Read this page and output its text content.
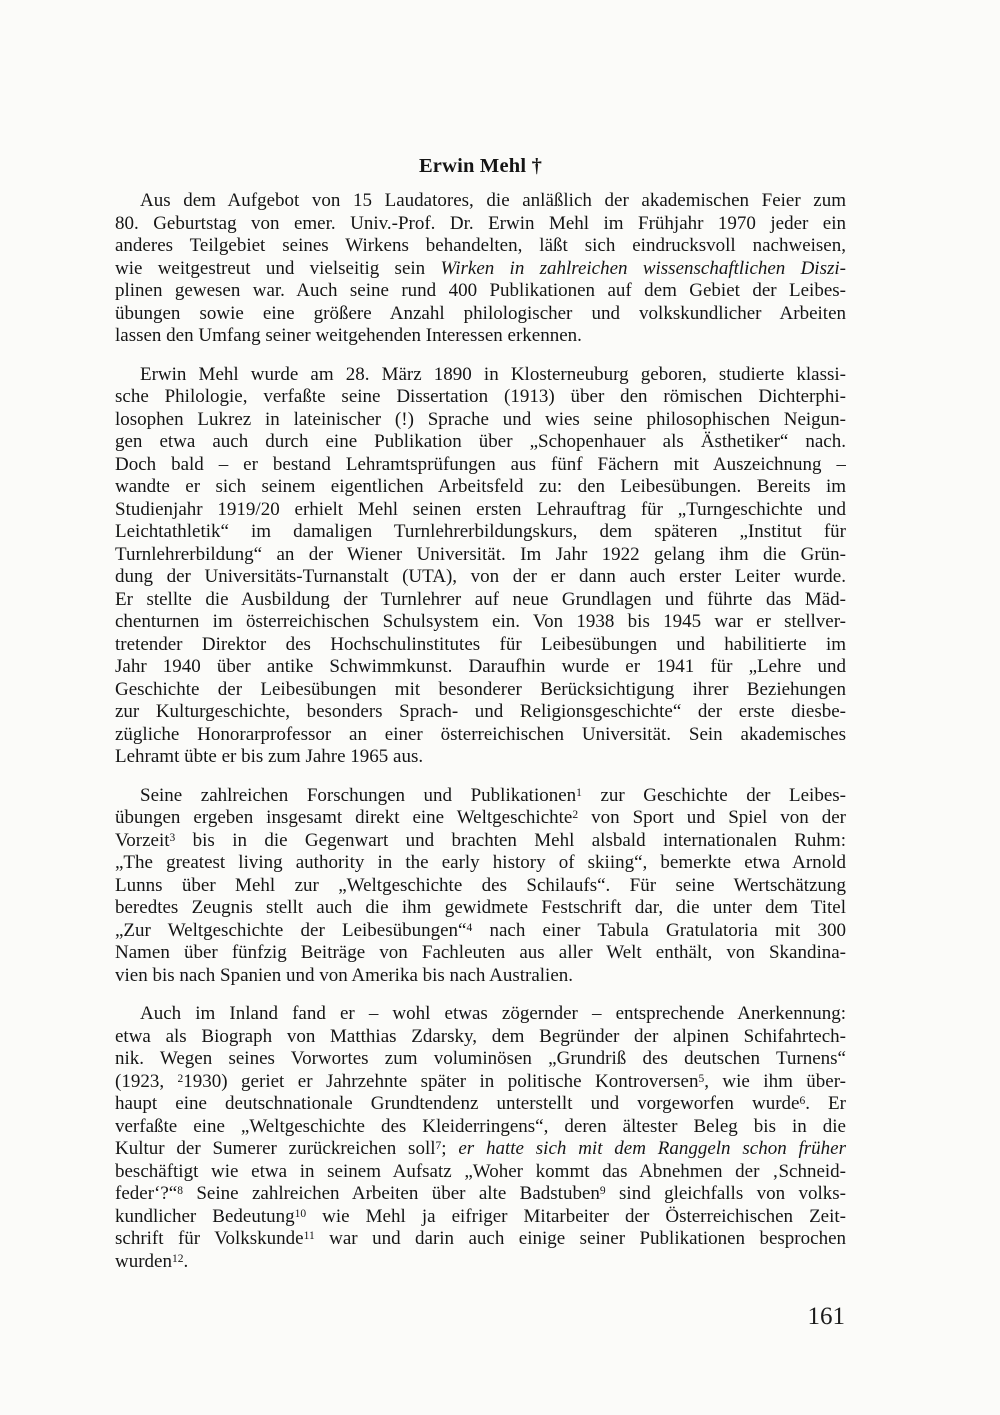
Erwin Mehl †
Aus dem Aufgebot von 15 Laudatores, die anläßlich der akademischen Feier zum
80. Geburtstag von emer. Univ.-Prof. Dr. Erwin Mehl im Frühjahr 1970 jeder ein
anderes Teilgebiet seines Wirkens behandelten, läßt sich eindrucksvoll nachweisen,
wie weitgestreut und vielseitig sein Wirken in zahlreichen wissenschaftlichen Diszi-
plinen gewesen war. Auch seine rund 400 Publikationen auf dem Gebiet der Leibes-
übungen sowie eine größere Anzahl philologischer und volkskundlicher Arbeiten
lassen den Umfang seiner weitgehenden Interessen erkennen.
Erwin Mehl wurde am 28. März 1890 in Klosterneuburg geboren, studierte klassi-
sche Philologie, verfaßte seine Dissertation (1913) über den römischen Dichterphi-
losophen Lukrez in lateinischer (!) Sprache und wies seine philosophischen Neigun-
gen etwa auch durch eine Publikation über „Schopenhauer als Ästhetiker“ nach.
Doch bald – er bestand Lehramtsprüfungen aus fünf Fächern mit Auszeichnung –
wandte er sich seinem eigentlichen Arbeitsfeld zu: den Leibesübungen. Bereits im
Studienjahr 1919/20 erhielt Mehl seinen ersten Lehrauftrag für „Turngeschichte und
Leichtathletik“ im damaligen Turnlehrerbildungskurs, dem späteren „Institut für
Turnlehrerbildung“ an der Wiener Universität. Im Jahr 1922 gelang ihm die Grün-
dung der Universitäts-Turnanstalt (UTA), von der er dann auch erster Leiter wurde.
Er stellte die Ausbildung der Turnlehrer auf neue Grundlagen und führte das Mäd-
chenturnen im österreichischen Schulsystem ein. Von 1938 bis 1945 war er stellver-
tretender Direktor des Hochschulinstitutes für Leibesübungen und habilitierte im
Jahr 1940 über antike Schwimmkunst. Daraufhin wurde er 1941 für „Lehre und
Geschichte der Leibesübungen mit besonderer Berücksichtigung ihrer Beziehungen
zur Kulturgeschichte, besonders Sprach- und Religionsgeschichte“ der erste diesbe-
zügliche Honorarprofessor an einer österreichischen Universität. Sein akademisches
Lehramt übte er bis zum Jahre 1965 aus.
Seine zahlreichen Forschungen und Publikationen$^1$ zur Geschichte der Leibes-
übungen ergeben insgesamt direkt eine Weltgeschichte$^2$ von Sport und Spiel von der
Vorzeit$^3$ bis in die Gegenwart und brachten Mehl alsbald internationalen Ruhm:
„The greatest living authority in the early history of skiing“, bemerkte etwa Arnold
Lunns über Mehl zur „Weltgeschichte des Schilaufs“. Für seine Wertschätzung
beredtes Zeugnis stellt auch die ihm gewidmete Festschrift dar, die unter dem Titel
„Zur Weltgeschichte der Leibesübungen“$^4$ nach einer Tabula Gratulatoria mit 300
Namen über fünfzig Beiträge von Fachleuten aus aller Welt enthält, von Skandina-
vien bis nach Spanien und von Amerika bis nach Australien.
Auch im Inland fand er – wohl etwas zögernder – entsprechende Anerkennung:
etwa als Biograph von Matthias Zdarsky, dem Begründer der alpinen Schifahrtech-
nik. Wegen seines Vorwortes zum voluminösen „Grundriß des deutschen Turnens“
(1923, $^2$1930) geriet er Jahrzehnte später in politische Kontroversen$^5$, wie ihm über-
haupt eine deutschnationale Grundtendenz unterstellt und vorgeworfen wurde$^6$. Er
verfaßte eine „Weltgeschichte des Kleiderringens“, deren ältester Beleg bis in die
Kultur der Sumerer zurückreichen soll$^7$; er hatte sich mit dem Ranggeln schon früher
beschäftigt wie etwa in seinem Aufsatz „Woher kommt das Abnehmen der ‚Schneid-
feder‘?“$^8$ Seine zahlreichen Arbeiten über alte Badstuben$^9$ sind gleichfalls von volks-
kundlicher Bedeutung$^{10}$ wie Mehl ja eifriger Mitarbeiter der Österreichischen Zeit-
schrift für Volkskunde$^{11}$ war und darin auch einige seiner Publikationen besprochen
wurden$^{12}$.
161
